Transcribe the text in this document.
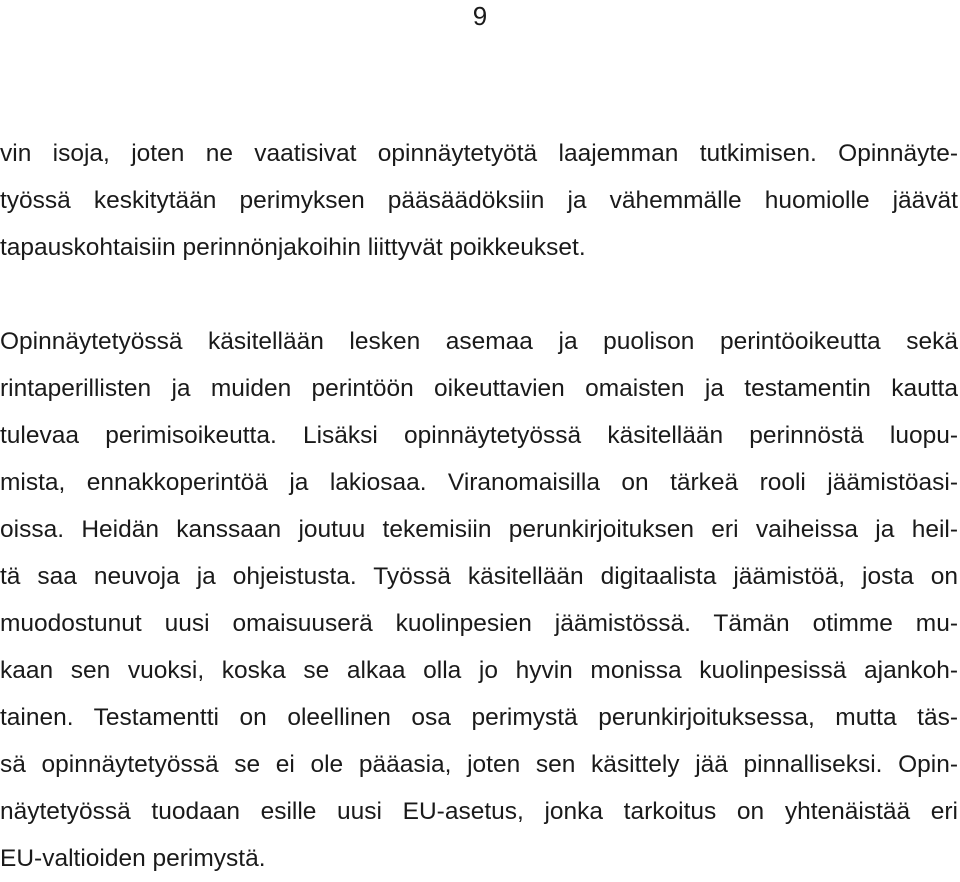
9
vin isoja, joten ne vaatisivat opinnäytetyötä laajemman tutkimisen. Opinnäyte-
työssä keskitytään perimyksen pääsäädöksiin ja vähemmälle huomiolle jäävät
tapauskohtaisiin perinnönjakoihin liittyvät poikkeukset.
Opinnäytetyössä käsitellään lesken asemaa ja puolison perintöoikeutta sekä
rintaperillisten ja muiden perintöön oikeuttavien omaisten ja testamentin kautta
tulevaa perimisoikeutta. Lisäksi opinnäytetyössä käsitellään perinnöstä luopu-
mista, ennakkoperintöä ja lakiosaa. Viranomaisilla on tärkeä rooli jäämistöasi-
oissa. Heidän kanssaan joutuu tekemisiin perunkirjoituksen eri vaiheissa ja heil-
tä saa neuvoja ja ohjeistusta. Työssä käsitellään digitaalista jäämistöä, josta on
muodostunut uusi omaisuuserä kuolinpesien jäämistössä. Tämän otimme mu-
kaan sen vuoksi, koska se alkaa olla jo hyvin monissa kuolinpesissä ajankoh-
tainen. Testamentti on oleellinen osa perimystä perunkirjoituksessa, mutta täs-
sä opinnäytetyössä se ei ole pääasia, joten sen käsittely jää pinnalliseksi. Opin-
näytetyössä tuodaan esille uusi EU-asetus, jonka tarkoitus on yhtenäistää eri
EU-valtioiden perimystä.
